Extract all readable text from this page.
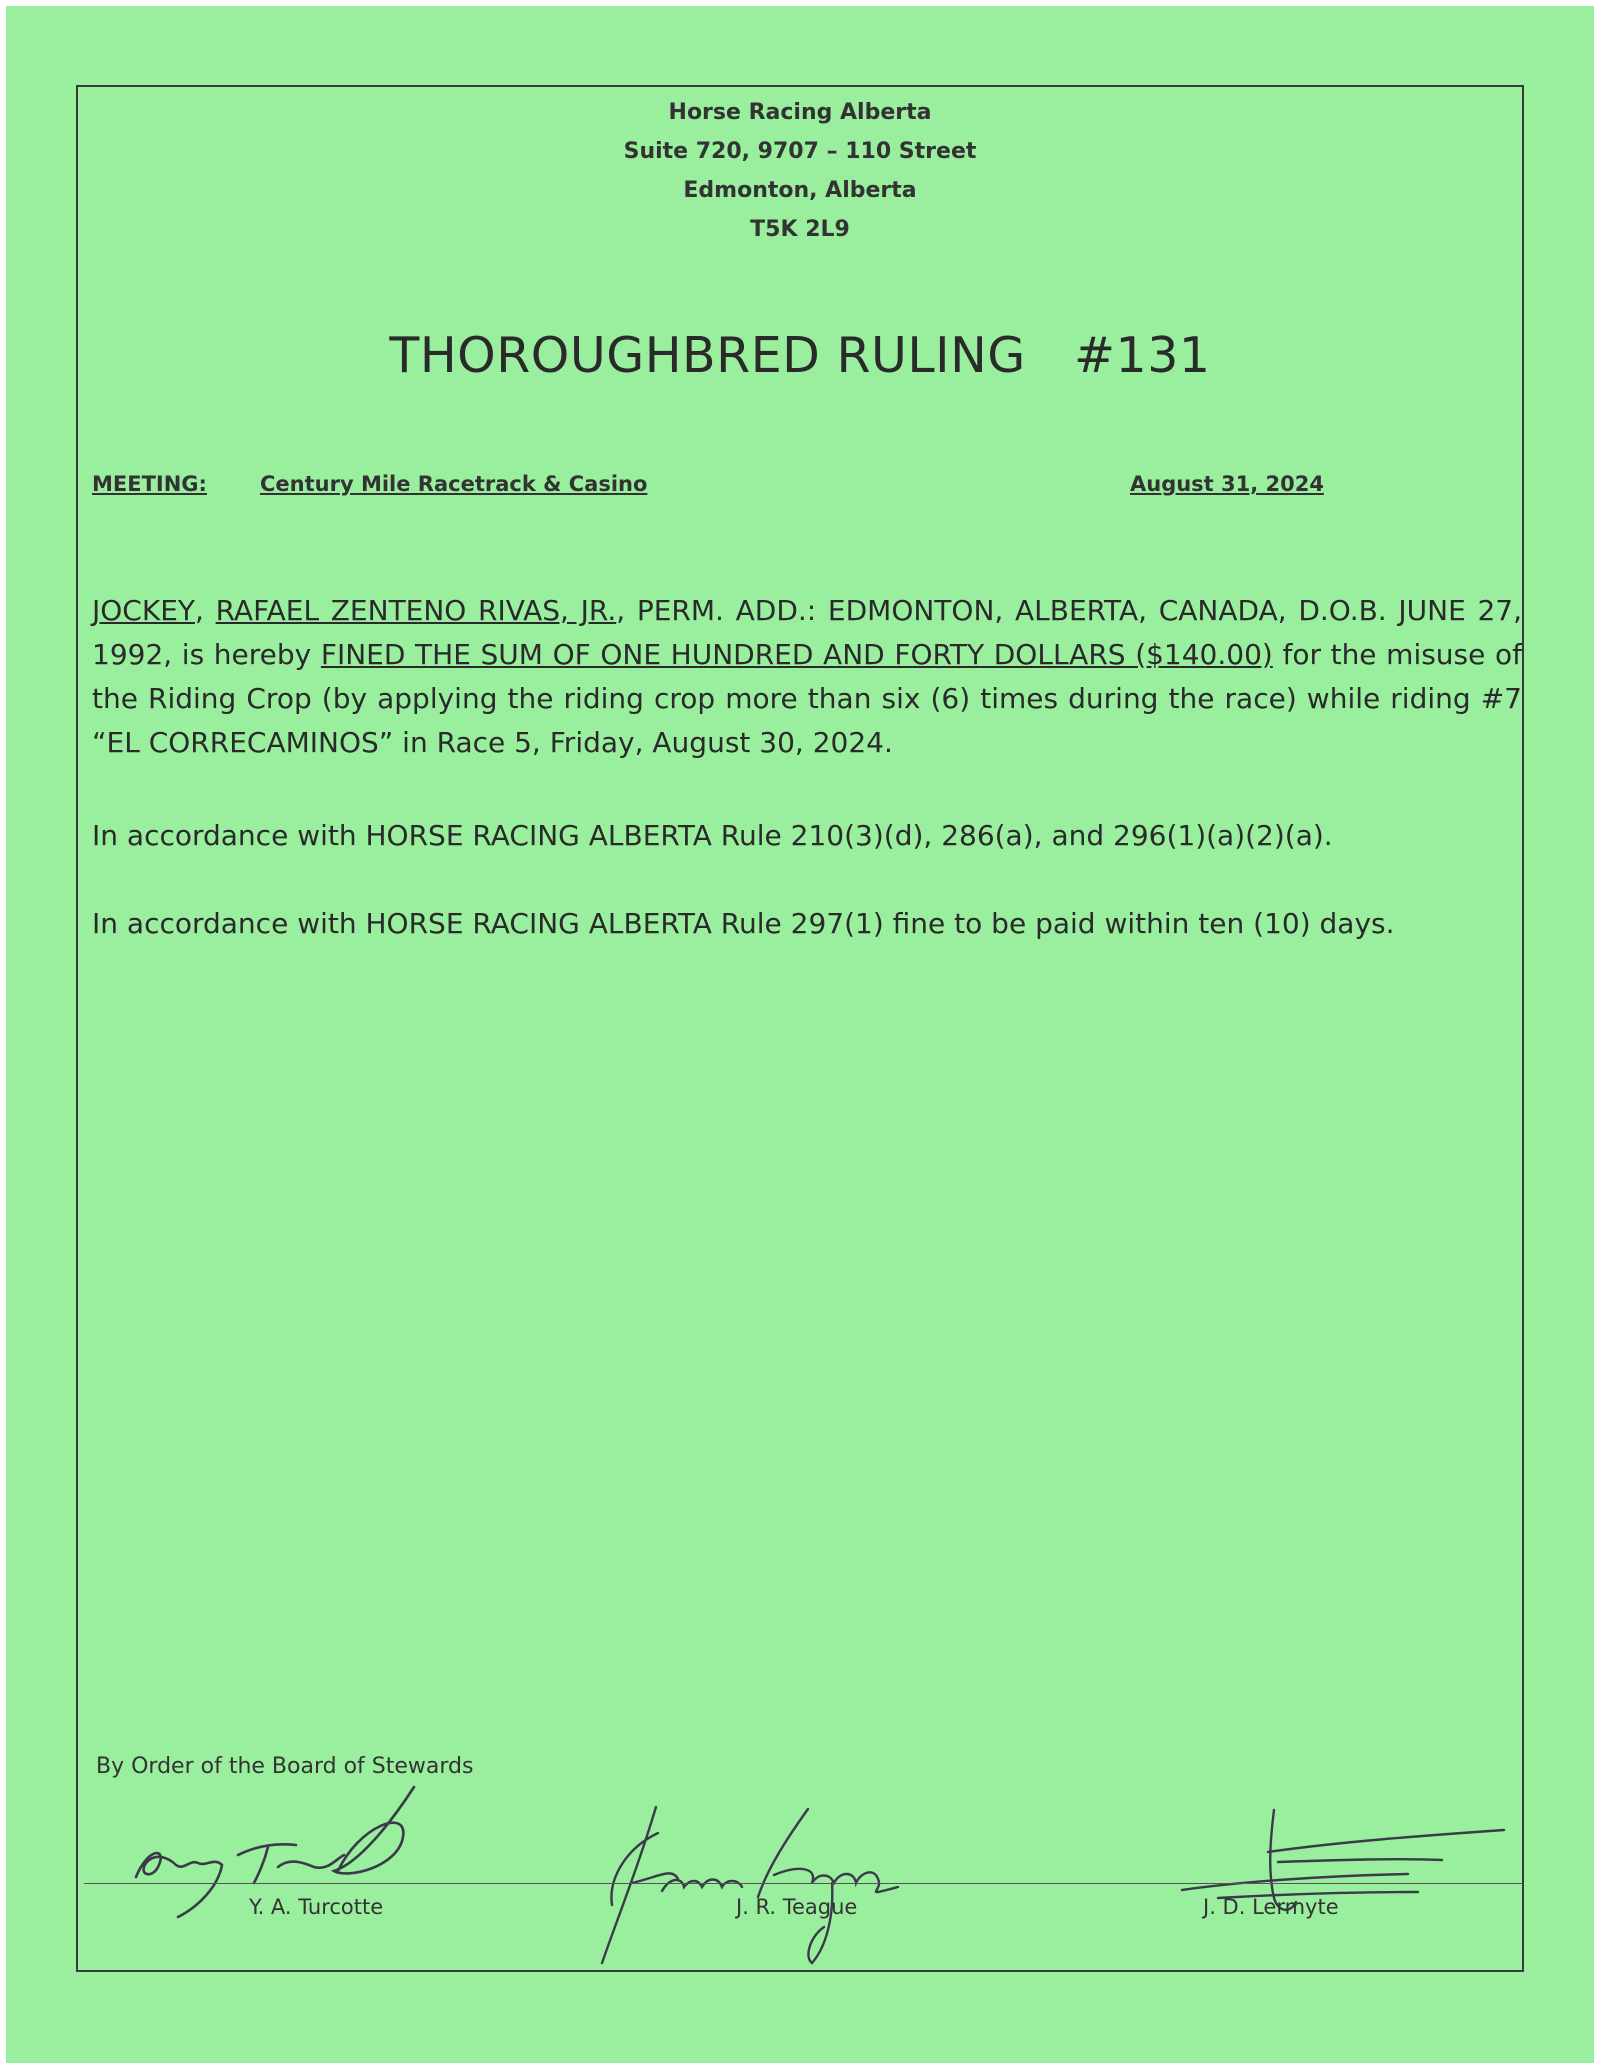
Horse Racing Alberta
Suite 720, 9707 – 110 Street
Edmonton, Alberta
T5K 2L9
THOROUGHBRED RULING   #131
MEETING:	Century Mile Racetrack & Casino	August 31, 2024
JOCKEY, RAFAEL ZENTENO RIVAS, JR., PERM. ADD.: EDMONTON, ALBERTA, CANADA, D.O.B. JUNE 27, 1992, is hereby FINED THE SUM OF ONE HUNDRED AND FORTY DOLLARS ($140.00) for the misuse of the Riding Crop (by applying the riding crop more than six (6) times during the race) while riding #7 “EL CORRECAMINOS” in Race 5, Friday, August 30, 2024.
In accordance with HORSE RACING ALBERTA Rule 210(3)(d), 286(a), and 296(1)(a)(2)(a).
In accordance with HORSE RACING ALBERTA Rule 297(1) fine to be paid within ten (10) days.
By Order of the Board of Stewards
Y. A. Turcotte	J. R. Teague	J. D. Lermyte
